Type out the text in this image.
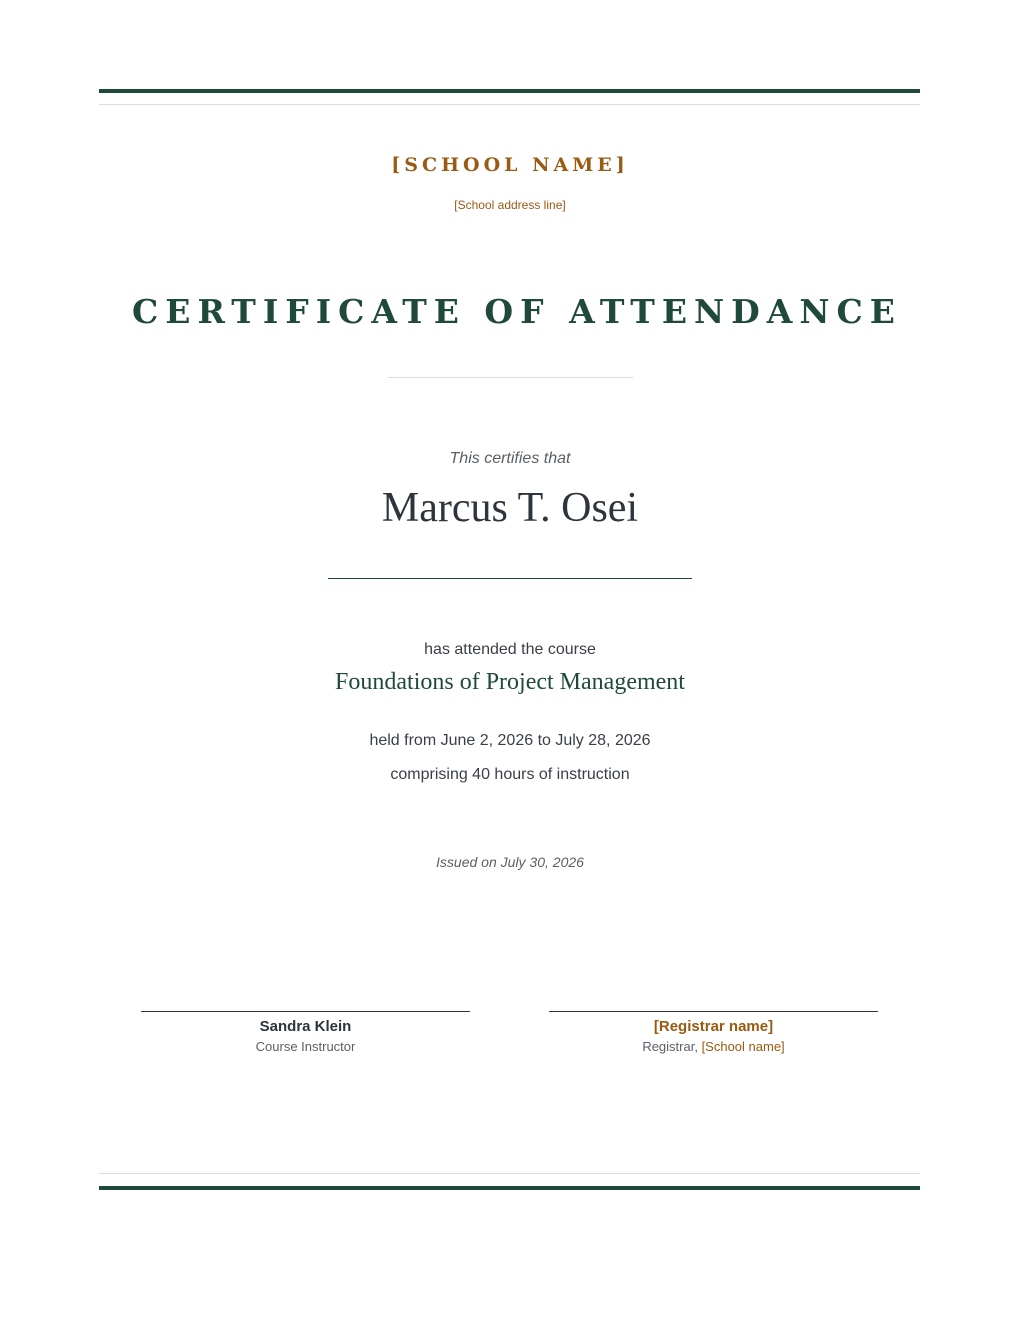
[SCHOOL NAME]
[School address line]
CERTIFICATE OF ATTENDANCE
This certifies that
Marcus T. Osei
has attended the course
Foundations of Project Management
held from June 2, 2026 to July 28, 2026
comprising 40 hours of instruction
Issued on July 30, 2026
Sandra Klein
Course Instructor
[Registrar name]
Registrar, [School name]
